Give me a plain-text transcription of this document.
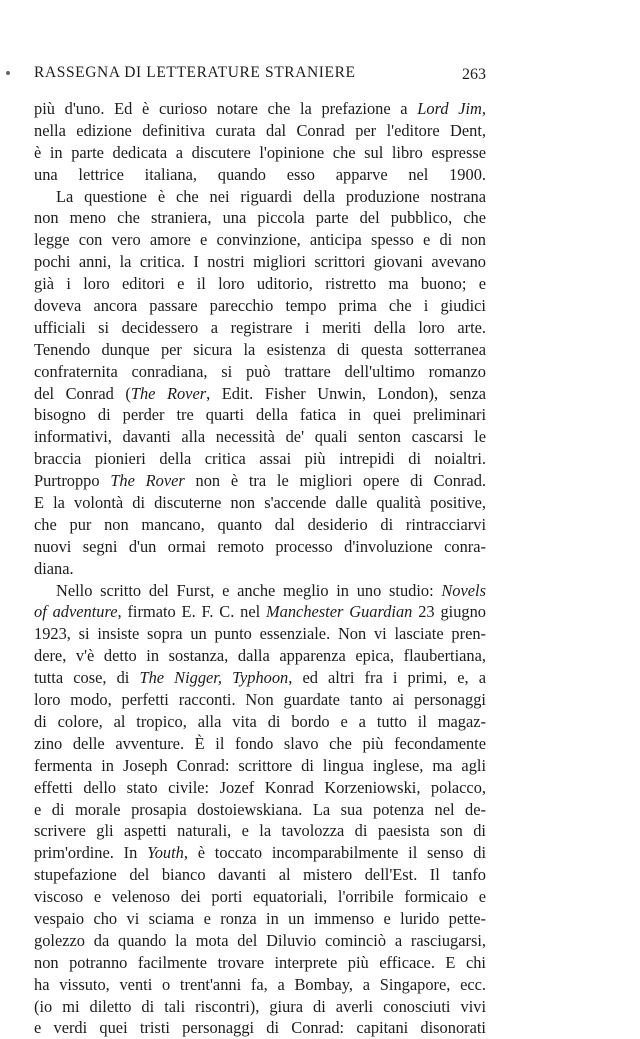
RASSEGNA DI LETTERATURE STRANIERE	263
più d'uno. Ed è curioso notare che la prefazione a Lord Jim,
nella edizione definitiva curata dal Conrad per l'editore Dent,
è in parte dedicata a discutere l'opinione che sul libro espresse
una lettrice italiana, quando esso apparve nel 1900.
La questione è che nei riguardi della produzione nostrana
non meno che straniera, una piccola parte del pubblico, che
legge con vero amore e convinzione, anticipa spesso e di non
pochi anni, la critica. I nostri migliori scrittori giovani avevano
già i loro editori e il loro uditorio, ristretto ma buono; e
doveva ancora passare parecchio tempo prima che i giudici
ufficiali si decidessero a registrare i meriti della loro arte.
Tenendo dunque per sicura la esistenza di questa sotterranea
confraternita conradiana, si può trattare dell'ultimo romanzo
del Conrad (The Rover, Edit. Fisher Unwin, London), senza
bisogno di perder tre quarti della fatica in quei preliminari
informativi, davanti alla necessità de' quali senton cascarsi le
braccia pionieri della critica assai più intrepidi di noialtri.
Purtroppo The Rover non è tra le migliori opere di Conrad.
E la volontà di discuterne non s'accende dalle qualità positive,
che pur non mancano, quanto dal desiderio di rintracciarvi
nuovi segni d'un ormai remoto processo d'involuzione conra-
diana.
Nello scritto del Furst, e anche meglio in uno studio: Novels
of adventure, firmato E. F. C. nel Manchester Guardian 23 giugno
1923, si insiste sopra un punto essenziale. Non vi lasciate pren-
dere, v'è detto in sostanza, dalla apparenza epica, flaubertiana,
tutta cose, di The Nigger, Typhoon, ed altri fra i primi, e, a
loro modo, perfetti racconti. Non guardate tanto ai personaggi
di colore, al tropico, alla vita di bordo e a tutto il magaz-
zino delle avventure. È il fondo slavo che più fecondamente
fermenta in Joseph Conrad: scrittore di lingua inglese, ma agli
effetti dello stato civile: Jozef Konrad Korzeniowski, polacco,
e di morale prosapia dostoiewskiana. La sua potenza nel de-
scrivere gli aspetti naturali, e la tavolozza di paesista son di
prim'ordine. In Youth, è toccato incomparabilmente il senso di
stupefazione del bianco davanti al mistero dell'Est. Il tanfo
viscoso e velenoso dei porti equatoriali, l'orribile formicaio e
vespaio cho vi sciama e ronza in un immenso e lurido pette-
golezzo da quando la mota del Diluvio cominciò a rasciugarsi,
non potranno facilmente trovare interprete più efficace. E chi
ha vissuto, venti o trent'anni fa, a Bombay, a Singapore, ecc.
(io mi diletto di tali riscontri), giura di averli conosciuti vivi
e verdi quei tristi personaggi di Conrad: capitani disonorati
